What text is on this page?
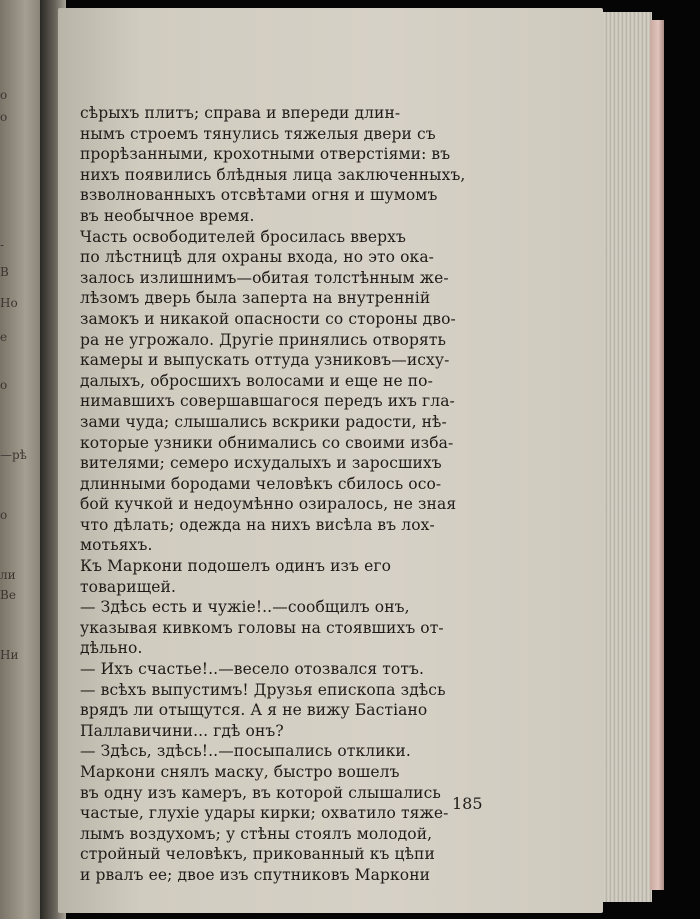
о
о
-
В
Но
е
о
—рѣ
о
ли
Ве
Ни
сѣрыхъ плитъ; справа и впереди длин-
нымъ строемъ тянулись тяжелыя двери съ
прорѣзанными, крохотными отверстіями: въ
нихъ появились блѣдныя лица заключенныхъ,
взволнованныхъ отсвѣтами огня и шумомъ
въ необычное время.
Часть освободителей бросилась вверхъ
по лѣстницѣ для охраны входа, но это ока-
залось излишнимъ—обитая толстѣнным же-
лѣзомъ дверь была заперта на внутренній
замокъ и никакой опасности со стороны дво-
ра не угрожало. Другіе принялись отворять
камеры и выпускать оттуда узниковъ—исху-
далыхъ, обросшихъ волосами и еще не по-
нимавшихъ совершавшагося передъ ихъ гла-
зами чуда; слышались вскрики радости, нѣ-
которые узники обнимались со своими изба-
вителями; семеро исхудалыхъ и заросшихъ
длинными бородами человѣкъ сбилось осо-
бой кучкой и недоумѣнно озиралось, не зная
что дѣлать; одежда на нихъ висѣла въ лох-
мотьяхъ.
Къ Маркони подошелъ одинъ изъ его
товарищей.
— Здѣсь есть и чужіе!..—сообщилъ онъ,
указывая кивкомъ головы на стоявшихъ от-
дѣльно.
— Ихъ счастье!..—весело отозвался тотъ.
— всѣхъ выпустимъ! Друзья епископа здѣсь
врядъ ли отыщутся. А я не вижу Бастіано
Паллавичини... гдѣ онъ?
— Здѣсь, здѣсь!..—посыпались отклики.
Маркони снялъ маску, быстро вошелъ
въ одну изъ камеръ, въ которой слышались
частые, глухіе удары кирки; охватило тяже-
лымъ воздухомъ; у стѣны стоялъ молодой,
стройный человѣкъ, прикованный къ цѣпи
и рвалъ ее; двое изъ спутниковъ Маркони
185
